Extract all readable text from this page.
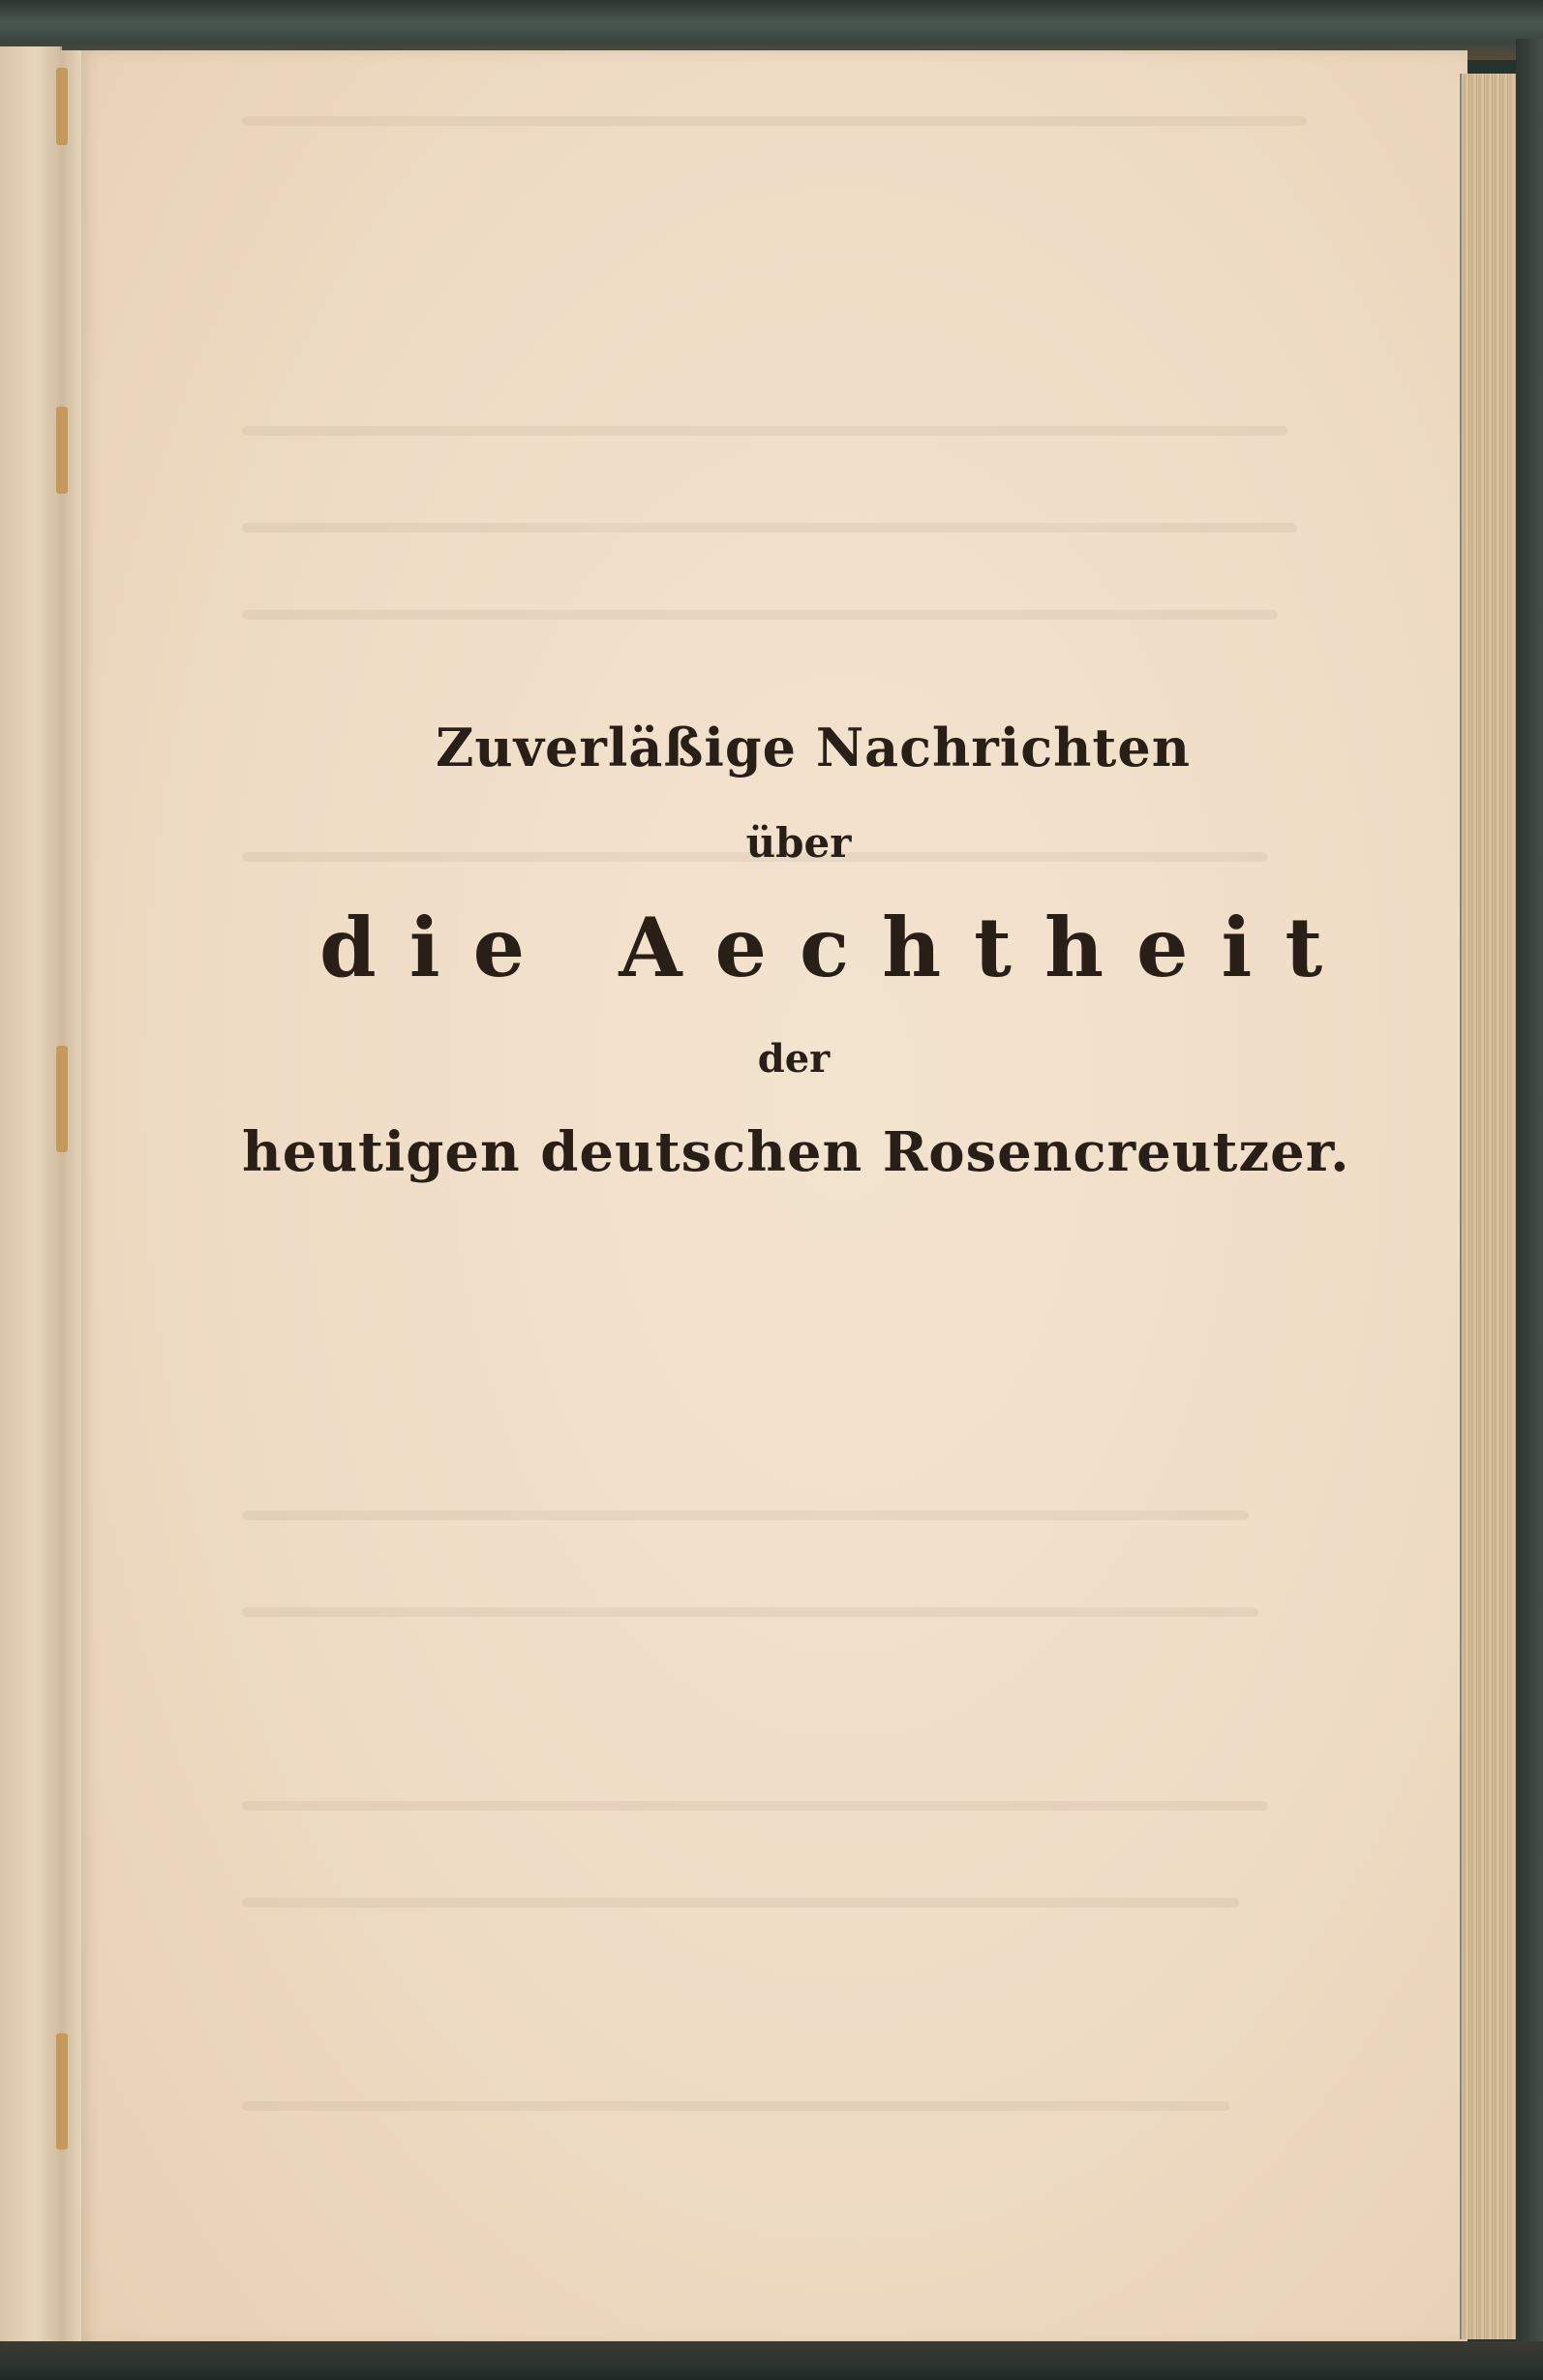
Zuverläßige Nachrichten
über
die Aechtheit
der
heutigen deutschen Rosencreutzer.
